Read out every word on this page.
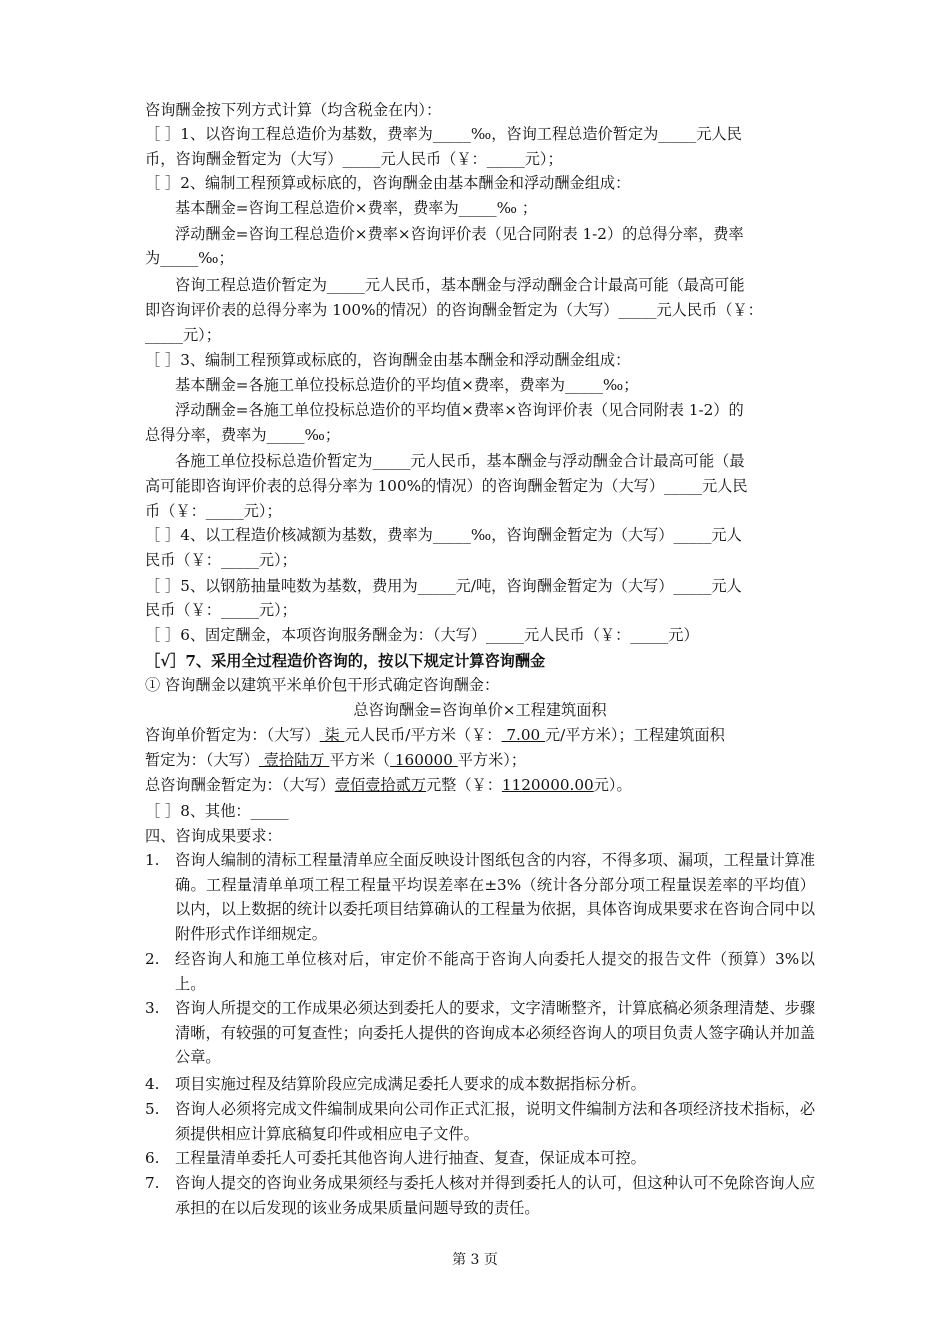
咨询酬金按下列方式计算（均含税金在内）：
［ ］1、以咨询工程总造价为基数，费率为_____‰，咨询工程总造价暂定为_____元人民
币，咨询酬金暂定为（大写）_____元人民币（￥：_____元）；
［ ］2、编制工程预算或标底的，咨询酬金由基本酬金和浮动酬金组成：
基本酬金=咨询工程总造价×费率，费率为_____‰ ；
浮动酬金=咨询工程总造价×费率×咨询评价表（见合同附表 1-2）的总得分率，费率
为_____‰；
咨询工程总造价暂定为_____元人民币，基本酬金与浮动酬金合计最高可能（最高可能
即咨询评价表的总得分率为 100%的情况）的咨询酬金暂定为（大写）_____元人民币（￥：
_____元）；
［ ］3、编制工程预算或标底的，咨询酬金由基本酬金和浮动酬金组成：
基本酬金=各施工单位投标总造价的平均值×费率，费率为_____‰；
浮动酬金=各施工单位投标总造价的平均值×费率×咨询评价表（见合同附表 1-2）的
总得分率，费率为_____‰；
各施工单位投标总造价暂定为_____元人民币，基本酬金与浮动酬金合计最高可能（最
高可能即咨询评价表的总得分率为 100%的情况）的咨询酬金暂定为（大写）_____元人民
币（￥：_____元）；
［ ］4、以工程造价核减额为基数，费率为_____‰，咨询酬金暂定为（大写）_____元人
民币（￥：_____元）；
［ ］5、以钢筋抽量吨数为基数，费用为_____元/吨，咨询酬金暂定为（大写）_____元人
民币（￥：_____元）；
［ ］6、固定酬金，本项咨询服务酬金为：（大写）_____元人民币（￥：_____元）
［√］7、采用全过程造价咨询的，按以下规定计算咨询酬金
① 咨询酬金以建筑平米单价包干形式确定咨询酬金：
总咨询酬金=咨询单价×工程建筑面积
咨询单价暂定为：（大写） 柒 元人民币/平方米（￥： 7.00 元/平方米）；工程建筑面积
暂定为：（大写） 壹拾陆万 平方米（ 160000 平方米）；
总咨询酬金暂定为：（大写）壹佰壹拾贰万元整（￥：1120000.00元）。
［ ］8、其他：_____
四、咨询成果要求：
1.	咨询人编制的清标工程量清单应全面反映设计图纸包含的内容，不得多项、漏项，工程量计算准确。工程量清单单项工程工程量平均误差率在±3%（统计各分部分项工程量误差率的平均值）以内，以上数据的统计以委托项目结算确认的工程量为依据，具体咨询成果要求在咨询合同中以附件形式作详细规定。
2.	经咨询人和施工单位核对后，审定价不能高于咨询人向委托人提交的报告文件（预算）3%以上。
3.	咨询人所提交的工作成果必须达到委托人的要求，文字清晰整齐，计算底稿必须条理清楚、步骤清晰，有较强的可复查性；向委托人提供的咨询成本必须经咨询人的项目负责人签字确认并加盖公章。
4.	项目实施过程及结算阶段应完成满足委托人要求的成本数据指标分析。
5.	咨询人必须将完成文件编制成果向公司作正式汇报，说明文件编制方法和各项经济技术指标，必须提供相应计算底稿复印件或相应电子文件。
6.	工程量清单委托人可委托其他咨询人进行抽查、复查，保证成本可控。
7.	咨询人提交的咨询业务成果须经与委托人核对并得到委托人的认可，但这种认可不免除咨询人应承担的在以后发现的该业务成果质量问题导致的责任。
第 3 页
